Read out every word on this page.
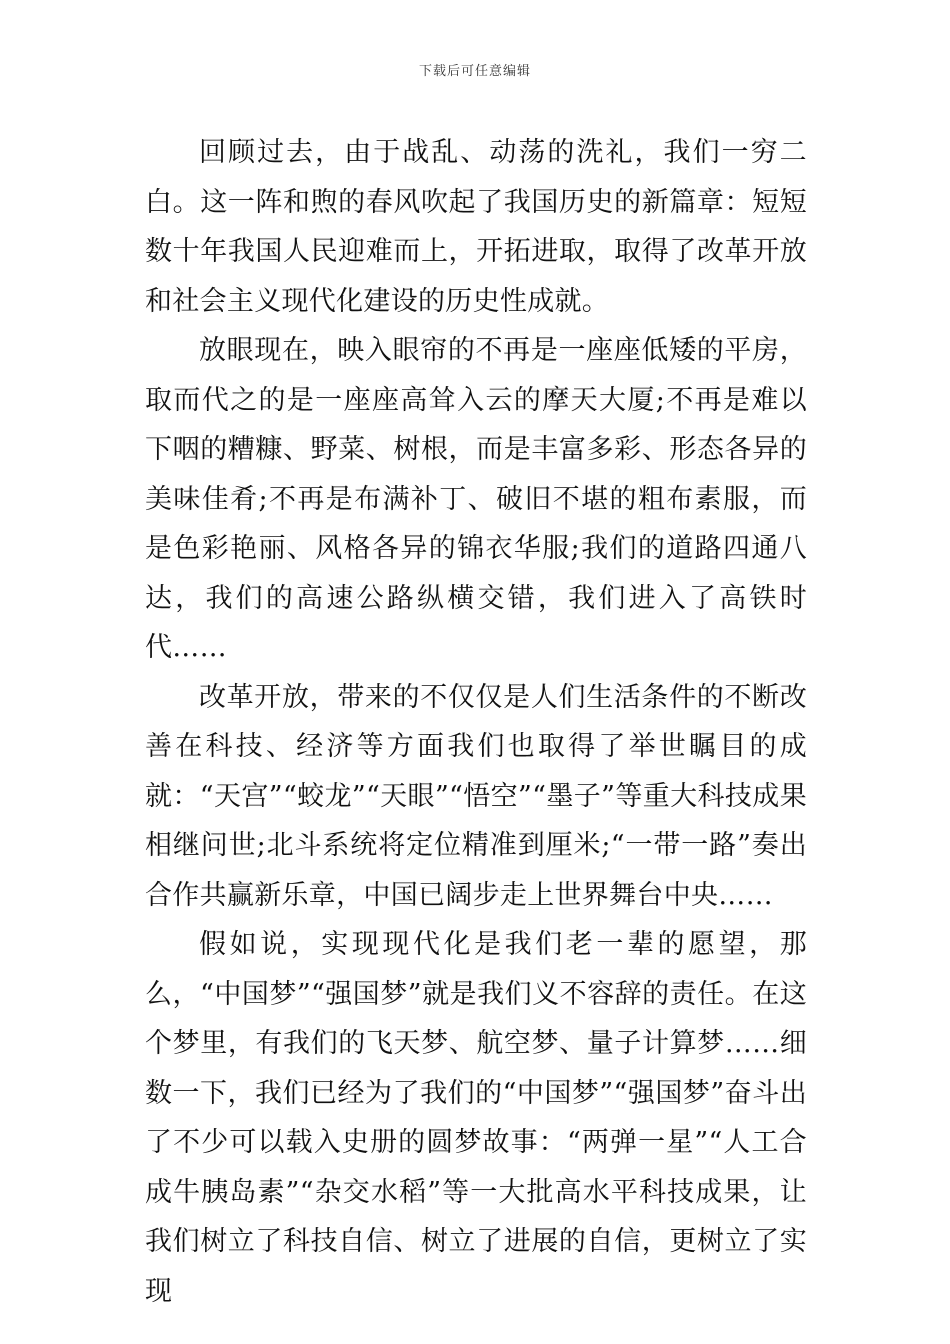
下载后可任意编辑

回顾过去，由于战乱、动荡的洗礼，我们一穷二白。这一阵和煦的春风吹起了我国历史的新篇章：短短数十年我国人民迎难而上，开拓进取，取得了改革开放和社会主义现代化建设的历史性成就。

放眼现在，映入眼帘的不再是一座座低矮的平房，取而代之的是一座座高耸入云的摩天大厦;不再是难以下咽的糟糠、野菜、树根，而是丰富多彩、形态各异的美味佳肴;不再是布满补丁、破旧不堪的粗布素服，而是色彩艳丽、风格各异的锦衣华服;我们的道路四通八达，我们的高速公路纵横交错，我们进入了高铁时代……

改革开放，带来的不仅仅是人们生活条件的不断改善在科技、经济等方面我们也取得了举世瞩目的成就：“天宫”“蛟龙”“天眼”“悟空”“墨子”等重大科技成果相继问世;北斗系统将定位精准到厘米;“一带一路”奏出合作共赢新乐章，中国已阔步走上世界舞台中央……

假如说，实现现代化是我们老一辈的愿望，那么，“中国梦”“强国梦”就是我们义不容辞的责任。在这个梦里，有我们的飞天梦、航空梦、量子计算梦……细数一下，我们已经为了我们的“中国梦”“强国梦”奋斗出了不少可以载入史册的圆梦故事：“两弹一星”“人工合成牛胰岛素”“杂交水稻”等一大批高水平科技成果，让我们树立了科技自信、树立了进展的自信，更树立了实现
